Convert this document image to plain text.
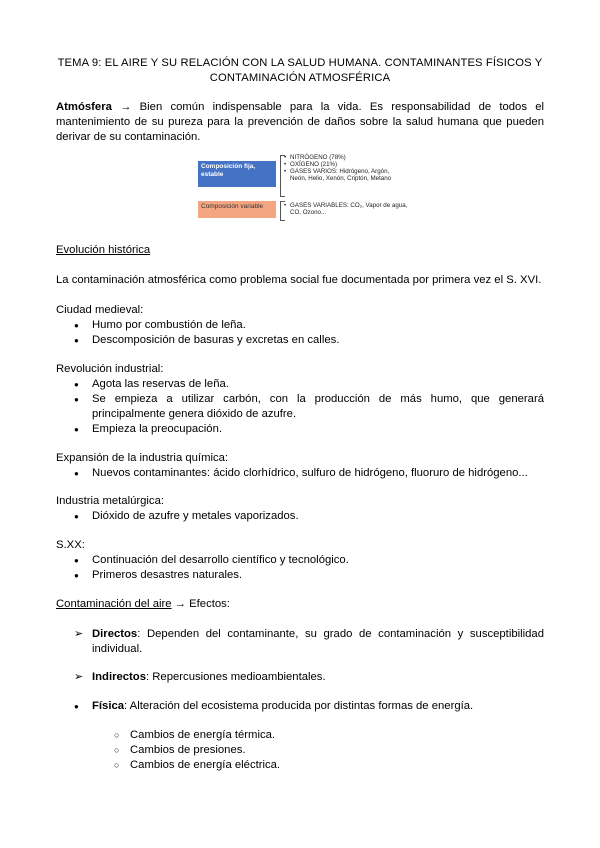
TEMA 9: EL AIRE Y SU RELACIÓN CON LA SALUD HUMANA. CONTAMINANTES FÍSICOS Y CONTAMINACIÓN ATMOSFÉRICA
Atmósfera → Bien común indispensable para la vida. Es responsabilidad de todos el mantenimiento de su pureza para la prevención de daños sobre la salud humana que pueden derivar de su contaminación.
Composición fija, estable
• NITRÓGENO (78%)
• OXÍGENO (21%)
• GASES VARIOS: Hidrógeno, Argón, Neón, Helio, Xenón, Criptón, Metano
Composición variable
•	GASES VARIABLES: CO₂, Vapor de agua, CO, Ozono...
Evolución histórica
La contaminación atmosférica como problema social fue documentada por primera vez el S. XVI.
Ciudad medieval:
● Humo por combustión de leña.
● Descomposición de basuras y excretas en calles.
Revolución industrial:
● Agota las reservas de leña.
● Se empieza a utilizar carbón, con la producción de más humo, que generará principalmente genera dióxido de azufre.
● Empieza la preocupación.
Expansión de la industria química:
● Nuevos contaminantes: ácido clorhídrico, sulfuro de hidrógeno, fluoruro de hidrógeno...
Industria metalúrgica:
● Dióxido de azufre y metales vaporizados.
S.XX:
● Continuación del desarrollo científico y tecnológico.
● Primeros desastres naturales.
Contaminación del aire → Efectos:
➢ Directos: Dependen del contaminante, su grado de contaminación y susceptibilidad individual.
➢ Indirectos: Repercusiones medioambientales.
● Física: Alteración del ecosistema producida por distintas formas de energía.
○ Cambios de energía térmica.
○ Cambios de presiones.
○ Cambios de energía eléctrica.
